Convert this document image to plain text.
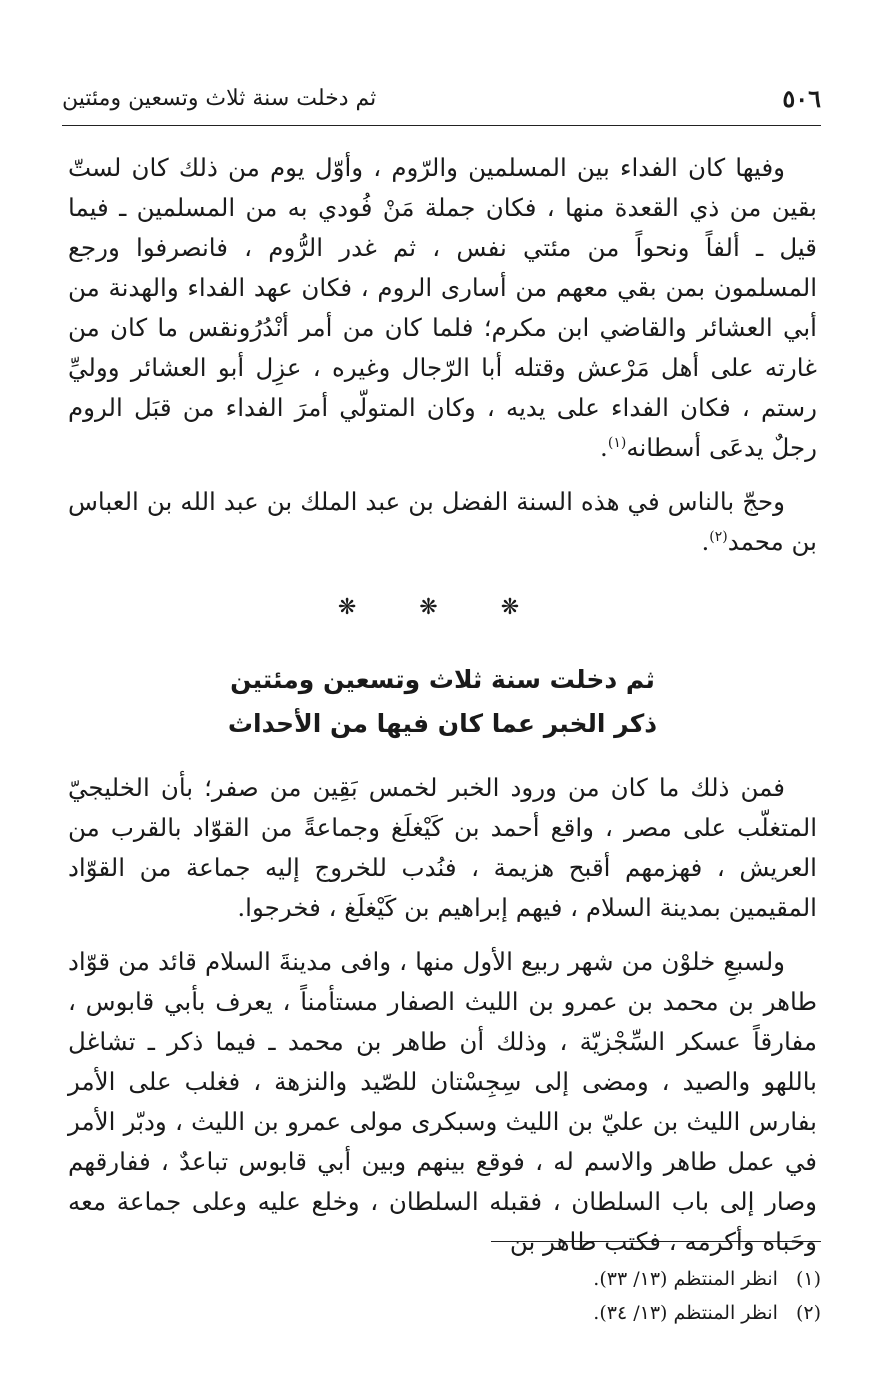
٥٠٦
ثم دخلت سنة ثلاث وتسعين ومئتين

وفيها كان الفداء بين المسلمين والرّوم ، وأوّل يوم من ذلك كان لستّ بقين من ذي القعدة منها ، فكان جملة مَنْ فُودي به من المسلمين ـ فيما قيل ـ ألفاً ونحواً من مئتي نفس ، ثم غدر الرُّوم ، فانصرفوا ورجع المسلمون بمن بقي معهم من أسارى الروم ، فكان عهد الفداء والهدنة من أبي العشائر والقاضي ابن مكرم؛ فلما كان من أمر أنْدُرُونقس ما كان من غارته على أهل مَرْعش وقتله أبا الرّجال وغيره ، عزِل أبو العشائر ووليِّ رستم ، فكان الفداء على يديه ، وكان المتولّي أمرَ الفداء من قبَل الروم رجلٌ يدعَى أسطانه$^{(١)}$.

وحجّ بالناس في هذه السنة الفضل بن عبد الملك بن عبد الله بن العباس بن محمد$^{(٢)}$.

❋ ❋ ❋
ثم دخلت سنة ثلاث وتسعين ومئتين
ذكر الخبر عما كان فيها من الأحداث

فمن ذلك ما كان من ورود الخبر لخمس بَقِين من صفر؛ بأن الخليجيّ المتغلّب على مصر ، واقع أحمد بن كَيْغلَغ وجماعةً من القوّاد بالقرب من العريش ، فهزمهم أقبح هزيمة ، فنُدب للخروج إليه جماعة من القوّاد المقيمين بمدينة السلام ، فيهم إبراهيم بن كَيْغلَغ ، فخرجوا.

ولسبعِ خلوْن من شهر ربيع الأول منها ، وافى مدينةَ السلام قائد من قوّاد طاهر بن محمد بن عمرو بن الليث الصفار مستأمناً ، يعرف بأبي قابوس ، مفارقاً عسكر السِّجْزيّة ، وذلك أن طاهر بن محمد ـ فيما ذكر ـ تشاغل باللهو والصيد ، ومضى إلى سِجِسْتان للصّيد والنزهة ، فغلب على الأمر بفارس الليث بن عليّ بن الليث وسبكرى مولى عمرو بن الليث ، ودبّر الأمر في عمل طاهر والاسم له ، فوقع بينهم وبين أبي قابوس تباعدٌ ، ففارقهم وصار إلى باب السلطان ، فقبله السلطان ، وخلع عليه وعلى جماعة معه وحَباه وأكرمه ، فكتب طاهر بن

(١)
انظر المنتظم (١٣/ ٣٣).
(٢)
انظر المنتظم (١٣/ ٣٤).
